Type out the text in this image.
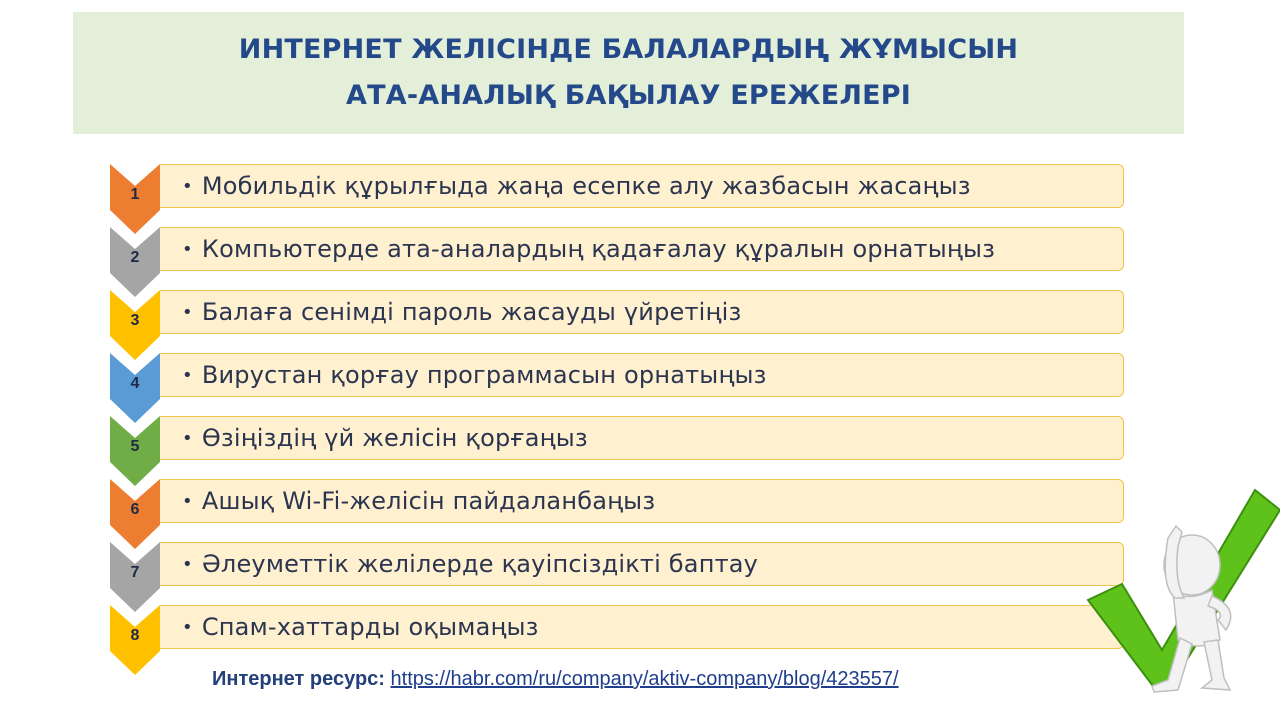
ИНТЕРНЕТ ЖЕЛІСІНДЕ БАЛАЛАРДЫҢ ЖҰМЫСЫН
АТА-АНАЛЫҚ БАҚЫЛАУ ЕРЕЖЕЛЕРІ
1	• Мобильдік құрылғыда жаңа есепке алу жазбасын жасаңыз
2	• Компьютерде ата-аналардың қадағалау құралын орнатыңыз
3	• Балаға сенімді пароль жасауды үйретіңіз
4	• Вирустан қорғау программасын орнатыңыз
5	• Өзіңіздің үй желісін қорғаңыз
6	• Ашық Wi-Fi-желісін пайдаланбаңыз
7	• Әлеуметтік желілерде қауіпсіздікті баптау
8	• Спам-хаттарды оқымаңыз
Интернет ресурс: https://habr.com/ru/company/aktiv-company/blog/423557/
